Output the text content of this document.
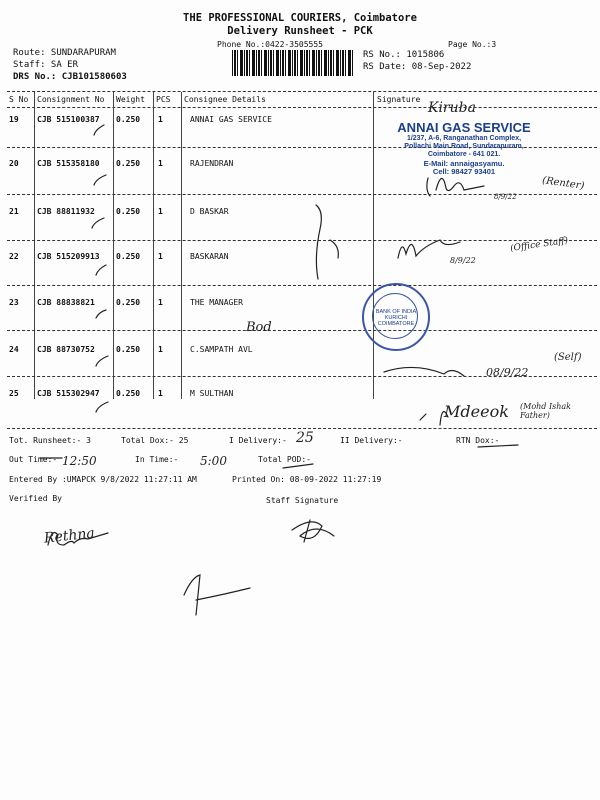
THE PROFESSIONAL COURIERS, Coimbatore
Delivery Runsheet - PCK
Phone No.:0422-3505555	Page No.:3
Route: SUNDARAPURAM
Staff: SA ER
DRS No.: CJB101580603
RS No.: 1015806
RS Date: 08-Sep-2022
S No Consignment No Weight PCS Consignee Details	Signature
19 CJB 515100387 0.250 1	ANNAI GAS SERVICE
20 CJB 515358180 0.250 1	RAJENDRAN
21 CJB 88811932	0.250 1	D BASKAR
22 CJB 515209913 0.250 1	BASKARAN
23 CJB 88838821	0.250 1	THE MANAGER
24 CJB 88730752	0.250 1	C.SAMPATH AVL
25 CJB 515302947 0.250 1	M SULTHAN
ANNAI GAS SERVICE
1/237, A-6, Ranganathan Complex,
Pollachi Main Road, Sundarapuram,
Coimbatore - 641 021.
E-Mail: annaigasyamu.
Cell: 98427 93401
BANK OF INDIA KURICHI COIMBATORE
Kiruba
(Renter)
8/9/22
8/9/22
(Office Staff)
Bod
08/9/22
(Self)
Mdeeok (Mohd Ishak Father)
Tot. Runsheet:- 3	Total Dox:- 25	I Delivery:- 25	II Delivery:-	RTN Dox:-
Out Time:- 12:50	In Time:- 5:00	Total POD:-
Entered By :UMAPCK 9/8/2022 11:27:11 AM	Printed On: 08-09-2022 11:27:19
Verified By	Staff Signature
Rethna
